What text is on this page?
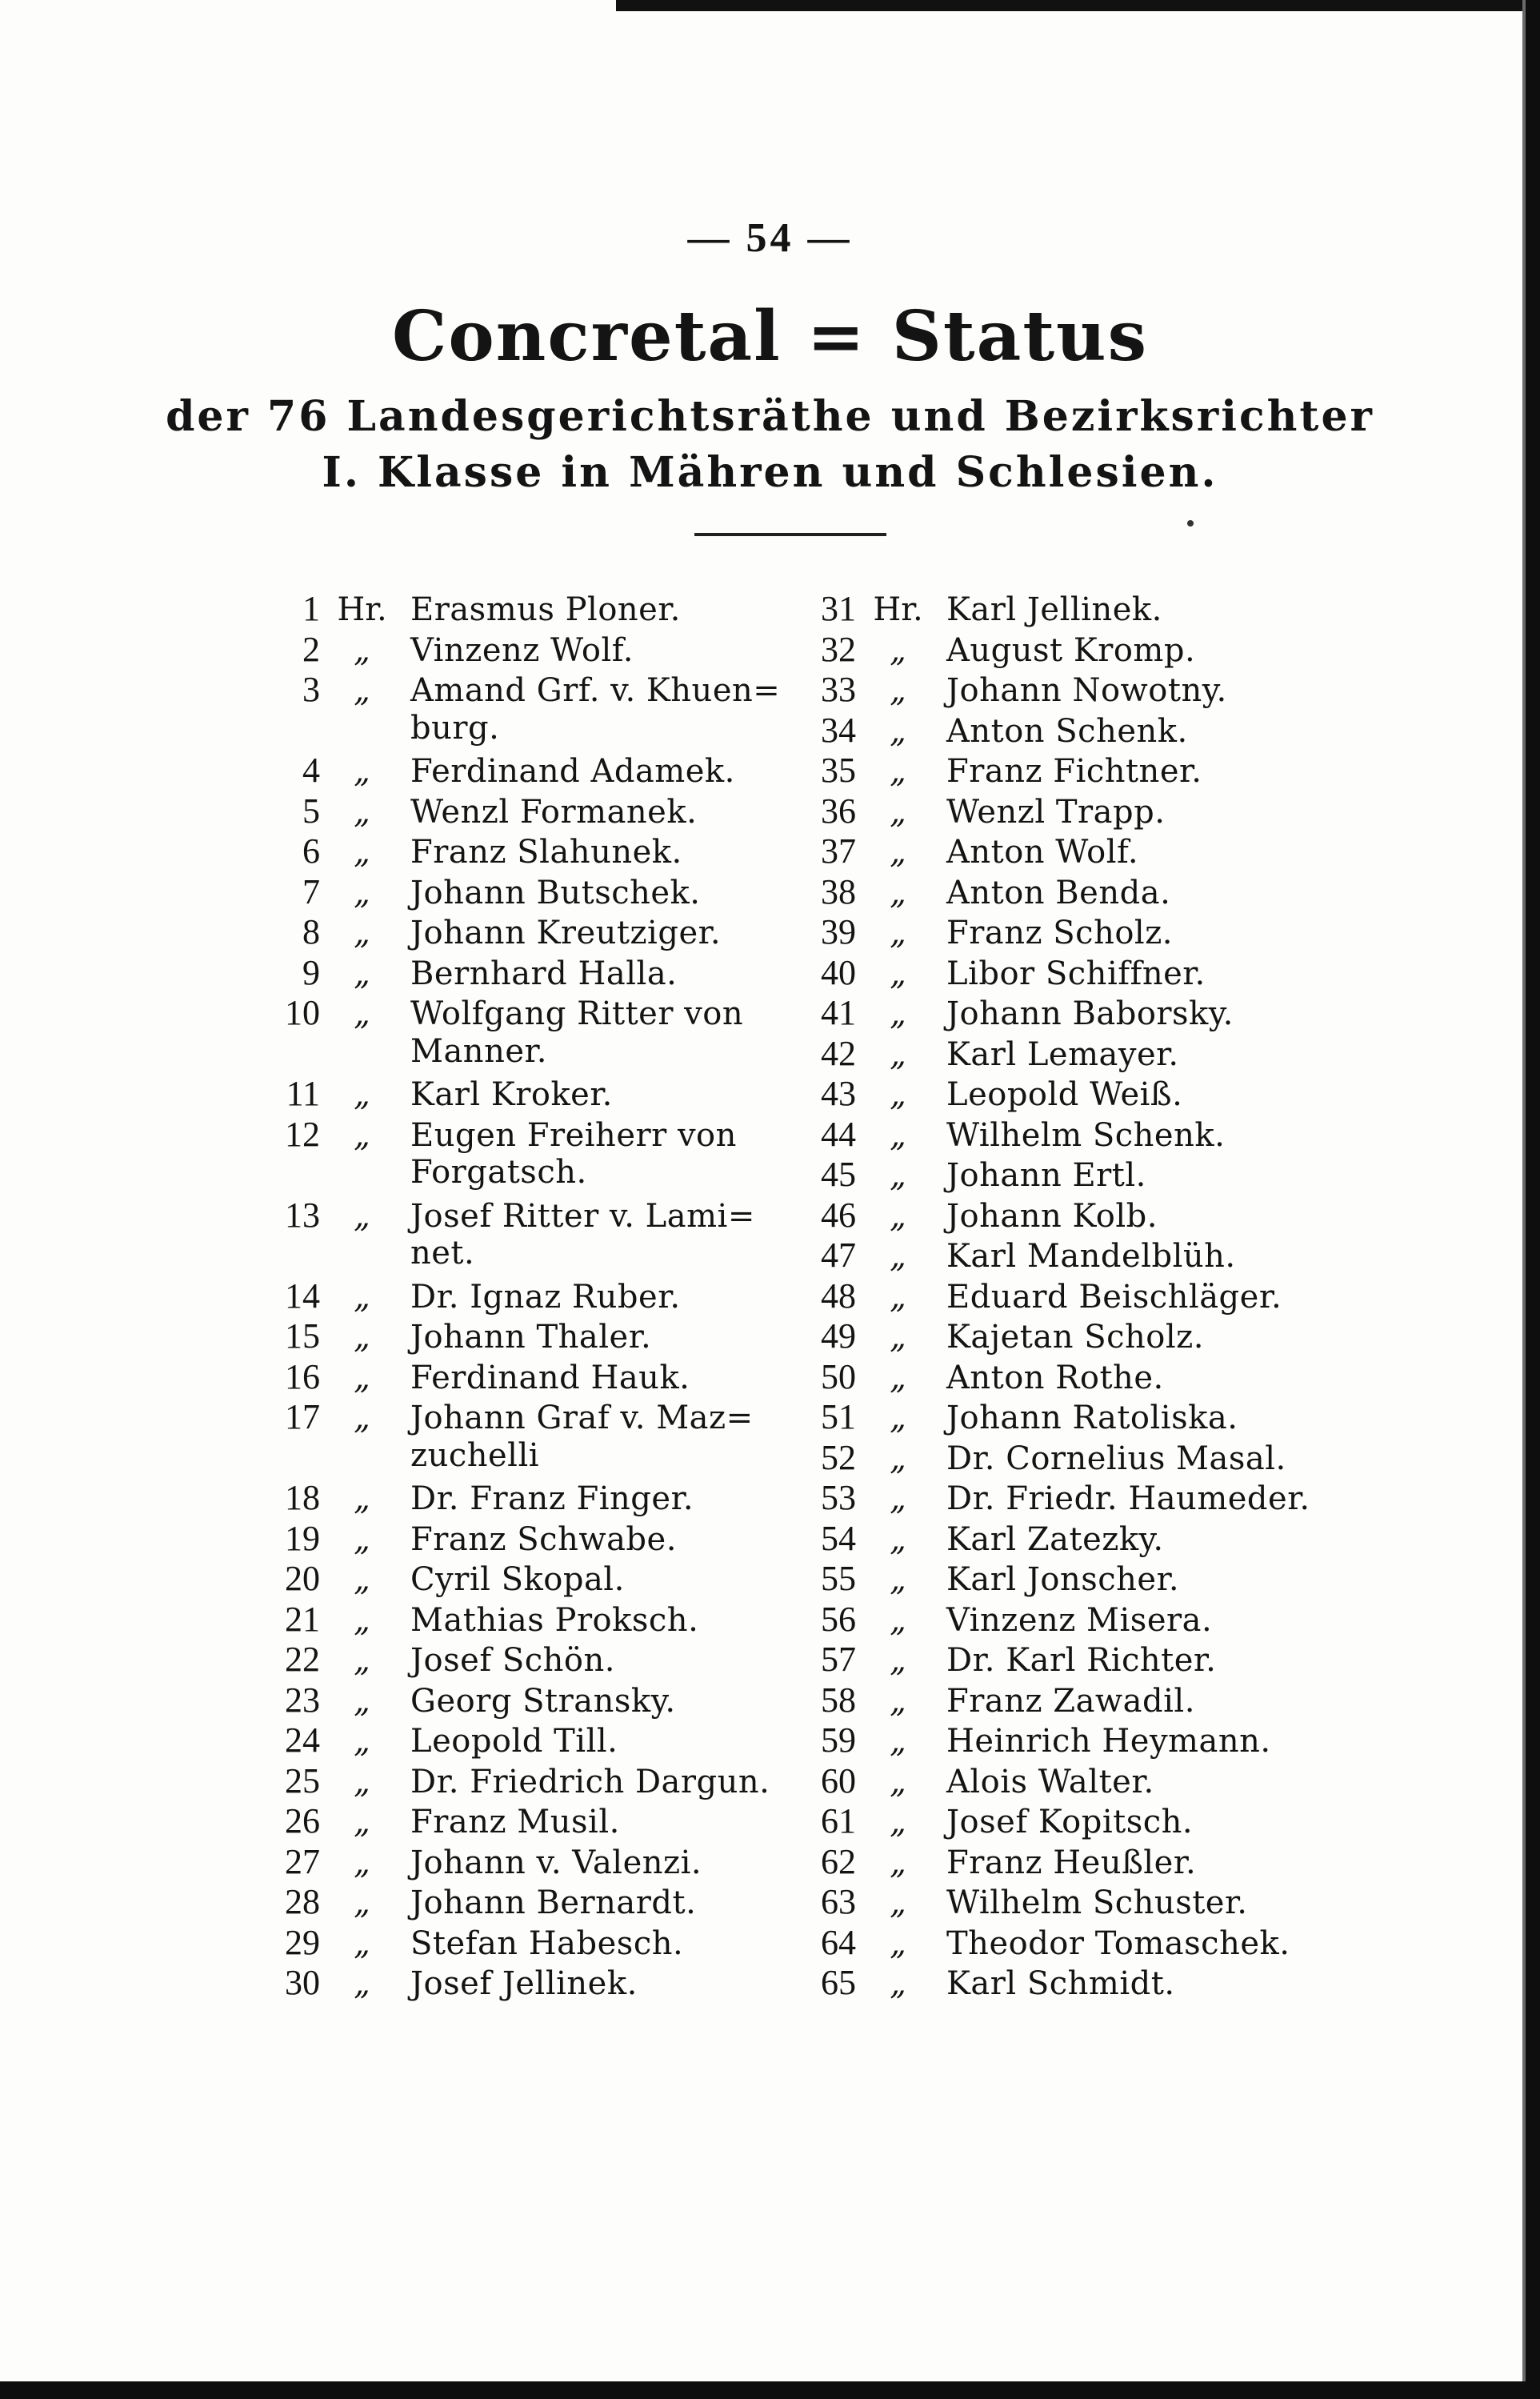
— 54 —
Concretal = Status
der 76 Landesgerichtsräthe und Bezirksrichter
I. Klasse in Mähren und Schlesien.
1 Hr. Erasmus Ploner.
2	„	Vinzenz Wolf.
3	„	Amand Grf. v. Khuen=
burg.
4	„	Ferdinand Adamek.
5	„	Wenzl Formanek.
6	„	Franz Slahunek.
7	„	Johann Butschek.
8	„	Johann Kreutziger.
9	„	Bernhard Halla.
10	„	Wolfgang Ritter von
Manner.
11	„	Karl Kroker.
12	„	Eugen Freiherr von
Forgatsch.
13	„	Josef Ritter v. Lami=
net.
14	„	Dr. Ignaz Ruber.
15	„	Johann Thaler.
16	„	Ferdinand Hauk.
17	„	Johann Graf v. Maz=
zuchelli
18	„	Dr. Franz Finger.
19	„	Franz Schwabe.
20	„	Cyril Skopal.
21	„	Mathias Proksch.
22	„	Josef Schön.
23	„	Georg Stransky.
24	„	Leopold Till.
25	„	Dr. Friedrich Dargun.
26	„	Franz Musil.
27	„	Johann v. Valenzi.
28	„	Johann Bernardt.
29	„	Stefan Habesch.
30	„	Josef Jellinek.
31 Hr. Karl Jellinek.
32	„	August Kromp.
33	„	Johann Nowotny.
34	„	Anton Schenk.
35	„	Franz Fichtner.
36	„	Wenzl Trapp.
37	„	Anton Wolf.
38	„	Anton Benda.
39	„	Franz Scholz.
40	„	Libor Schiffner.
41	„	Johann Baborsky.
42	„	Karl Lemayer.
43	„	Leopold Weiß.
44	„	Wilhelm Schenk.
45	„	Johann Ertl.
46	„	Johann Kolb.
47	„	Karl Mandelblüh.
48	„	Eduard Beischläger.
49	„	Kajetan Scholz.
50	„	Anton Rothe.
51	„	Johann Ratoliska.
52	„	Dr. Cornelius Masal.
53	„	Dr. Friedr. Haumeder.
54	„	Karl Zatezky.
55	„	Karl Jonscher.
56	„	Vinzenz Misera.
57	„	Dr. Karl Richter.
58	„	Franz Zawadil.
59	„	Heinrich Heymann.
60	„	Alois Walter.
61	„	Josef Kopitsch.
62	„	Franz Heußler.
63	„	Wilhelm Schuster.
64	„	Theodor Tomaschek.
65	„	Karl Schmidt.
